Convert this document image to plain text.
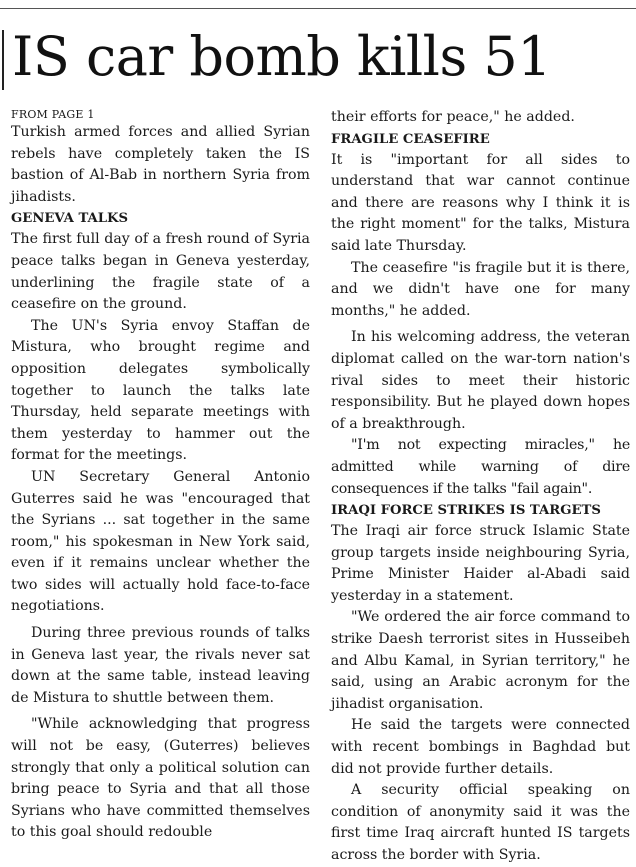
IS car bomb kills 51
FROM PAGE 1

Turkish armed forces and allied Syrian rebels have completely taken the IS bastion of Al-Bab in northern Syria from jihadists.

GENEVA TALKS

The first full day of a fresh round of Syria peace talks began in Geneva yesterday, underlining the fragile state of a ceasefire on the ground.

The UN's Syria envoy Staffan de Mistura, who brought regime and opposition delegates symbolically together to launch the talks late Thursday, held separate meetings with them yesterday to hammer out the format for the meetings.

UN Secretary General Antonio Guterres said he was "encouraged that the Syrians ... sat together in the same room," his spokesman in New York said, even if it remains unclear whether the two sides will actually hold face-to-face negotiations.

During three previous rounds of talks in Geneva last year, the rivals never sat down at the same table, instead leaving de Mistura to shuttle between them.

"While acknowledging that progress will not be easy, (Guterres) believes strongly that only a political solution can bring peace to Syria and that all those Syrians who have committed themselves to this goal should redouble

their efforts for peace," he added.

FRAGILE CEASEFIRE

It is "important for all sides to understand that war cannot continue and there are reasons why I think it is the right moment" for the talks, Mistura said late Thursday.

The ceasefire "is fragile but it is there, and we didn't have one for many months," he added.

In his welcoming address, the veteran diplomat called on the war-torn nation's rival sides to meet their historic responsibility. But he played down hopes of a breakthrough.

"I'm not expecting miracles," he admitted while warning of dire consequences if the talks "fail again".

IRAQI FORCE STRIKES IS TARGETS

The Iraqi air force struck Islamic State group targets inside neighbouring Syria, Prime Minister Haider al-Abadi said yesterday in a statement.

"We ordered the air force command to strike Daesh terrorist sites in Husseibeh and Albu Kamal, in Syrian territory," he said, using an Arabic acronym for the jihadist organisation.

He said the targets were connected with recent bombings in Baghdad but did not provide further details.

A security official speaking on condition of anonymity said it was the first time Iraq aircraft hunted IS targets across the border with Syria.
